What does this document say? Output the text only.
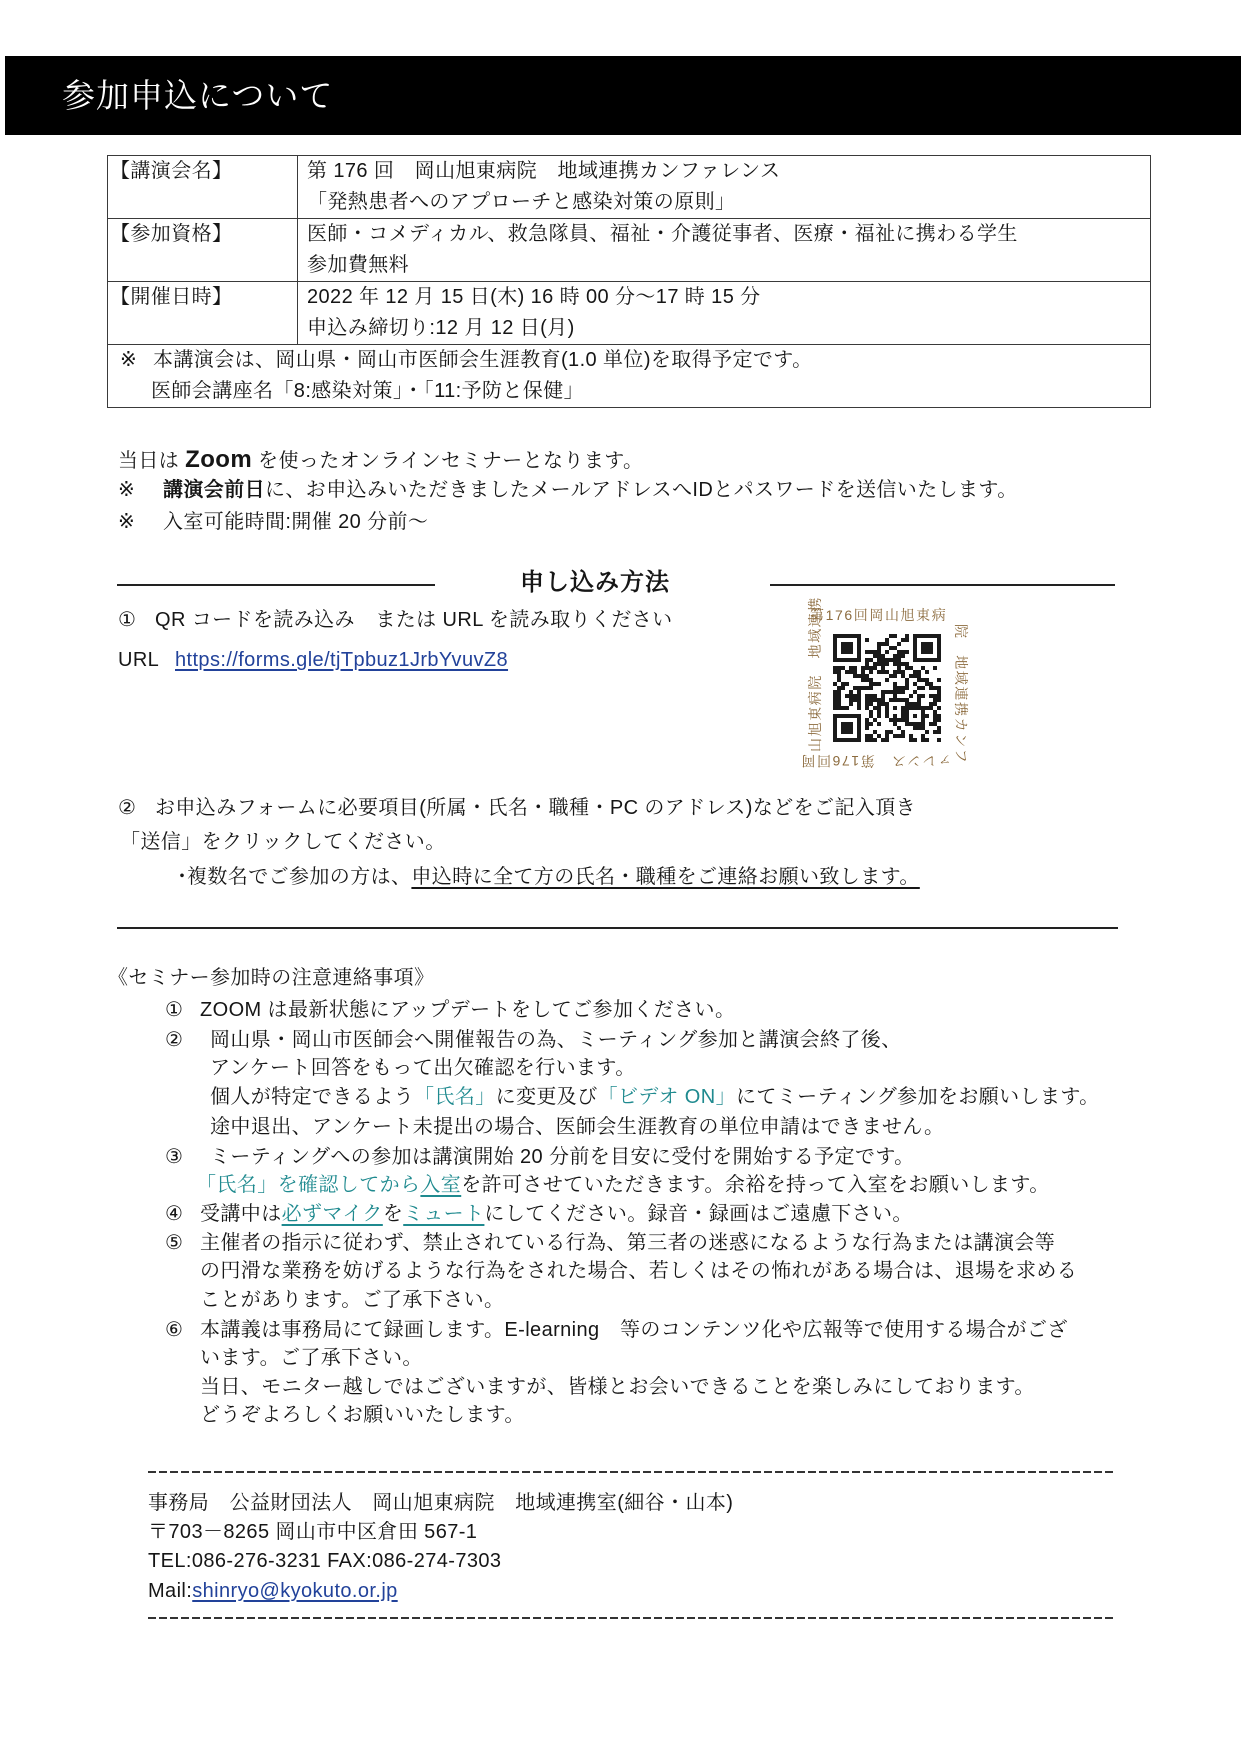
参加申込について
【講演会名】	第 176 回　岡山旭東病院　地域連携カンファレンス
「発熱患者へのアプローチと感染対策の原則」

【参加資格】	医師・コメディカル、救急隊員、福祉・介護従事者、医療・福祉に携わる学生
参加費無料

【開催日時】	2022 年 12 月 15 日(木) 16 時 00 分～17 時 15 分
申込み締切り:12 月 12 日(月)

※ 本講演会は、岡山県・岡山市医師会生涯教育(1.0 単位)を取得予定です。
医師会講座名「8:感染対策」・「11:予防と保健」	
当日は Zoom を使ったオンラインセミナーとなります。
※ 講演会前日に、お申込みいただきましたメールアドレスへIDとパスワードを送信いたします。
※ 入室可能時間:開催 20 分前～
申し込み方法
① QR コードを読み込み　または URL を読み取りください
URL https://forms.gle/tjTpbuz1JrbYvuvZ8
第176回岡山旭東病
院　地域連携カンフ
ァレンス　第176回岡
山旭東病院　地域連携
② お申込みフォームに必要項目(所属・氏名・職種・PC のアドレス)などをご記入頂き
「送信」をクリックしてください。
・複数名でご参加の方は、申込時に全て方の氏名・職種をご連絡お願い致します。
《セミナー参加時の注意連絡事項》
① ZOOM は最新状態にアップデートをしてご参加ください。
② 岡山県・岡山市医師会へ開催報告の為、ミーティング参加と講演会終了後、
アンケート回答をもって出欠確認を行います。
個人が特定できるよう「氏名」に変更及び「ビデオ ON」にてミーティング参加をお願いします。
途中退出、アンケート未提出の場合、医師会生涯教育の単位申請はできません。
③ ミーティングへの参加は講演開始 20 分前を目安に受付を開始する予定です。
「氏名」を確認してから入室を許可させていただきます。余裕を持って入室をお願いします。
④ 受講中は必ずマイクをミュートにしてください。録音・録画はご遠慮下さい。
⑤ 主催者の指示に従わず、禁止されている行為、第三者の迷惑になるような行為または講演会等
の円滑な業務を妨げるような行為をされた場合、若しくはその怖れがある場合は、退場を求める
ことがあります。ご了承下さい。
⑥ 本講義は事務局にて録画します。E-learning　等のコンテンツ化や広報等で使用する場合がござ
います。ご了承下さい。
当日、モニター越しではございますが、皆様とお会いできることを楽しみにしております。
どうぞよろしくお願いいたします。
事務局　公益財団法人　岡山旭東病院　地域連携室(細谷・山本)
〒703－8265 岡山市中区倉田 567-1
TEL:086-276-3231 FAX:086-274-7303
Mail:shinryo@kyokuto.or.jp
